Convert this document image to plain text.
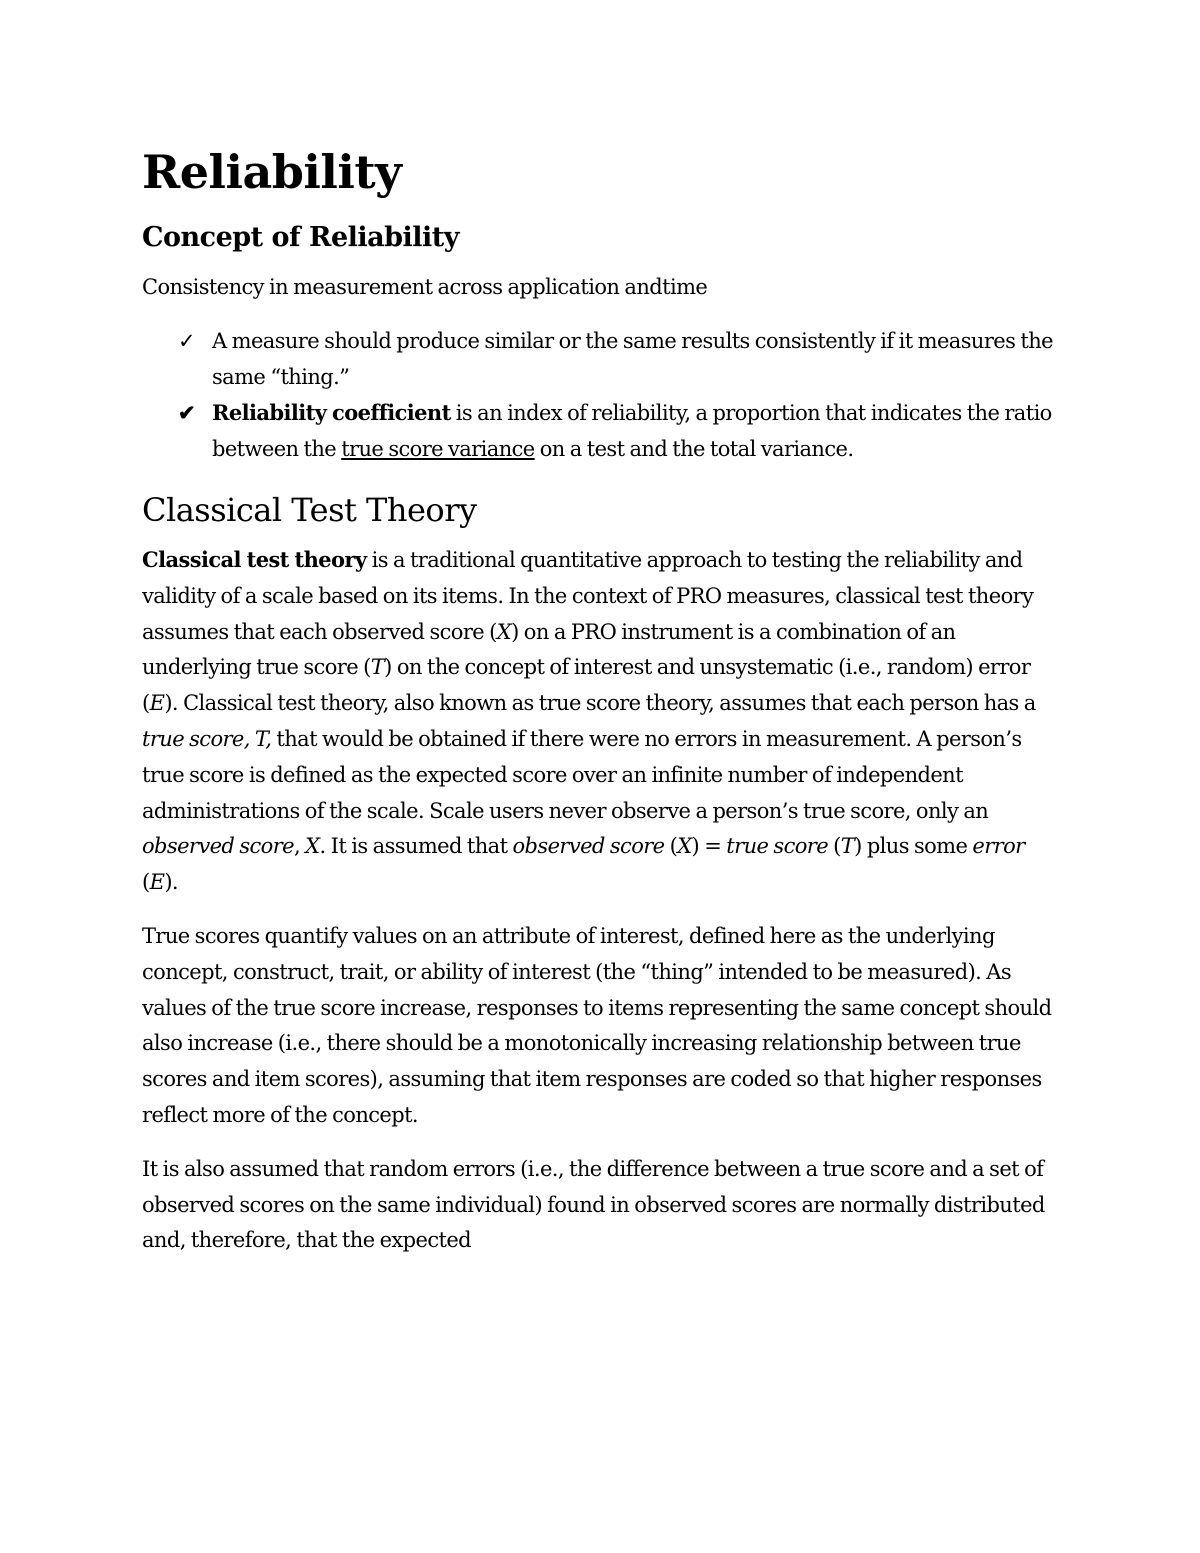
Reliability
Concept of Reliability

Consistency in measurement across application andtime

✓ A measure should produce similar or the same results consistently if it measures the same “thing.”
✔ Reliability coefficient is an index of reliability, a proportion that indicates the ratio between the true score variance on a test and the total variance.
Classical Test Theory

Classical test theory is a traditional quantitative approach to testing the reliability and validity of a scale based on its items. In the context of PRO measures, classical test theory assumes that each observed score (X) on a PRO instrument is a combination of an underlying true score (T) on the concept of interest and unsystematic (i.e., random) error (E). Classical test theory, also known as true score theory, assumes that each person has a true score, T, that would be obtained if there were no errors in measurement. A person’s true score is defined as the expected score over an infinite number of independent administrations of the scale. Scale users never observe a person’s true score, only an observed score, X. It is assumed that observed score (X) = true score (T) plus some error (E).

True scores quantify values on an attribute of interest, defined here as the underlying concept, construct, trait, or ability of interest (the “thing” intended to be measured). As values of the true score increase, responses to items representing the same concept should also increase (i.e., there should be a monotonically increasing relationship between true scores and item scores), assuming that item responses are coded so that higher responses reflect more of the concept.

It is also assumed that random errors (i.e., the difference between a true score and a set of observed scores on the same individual) found in observed scores are normally distributed and, therefore, that the expected
